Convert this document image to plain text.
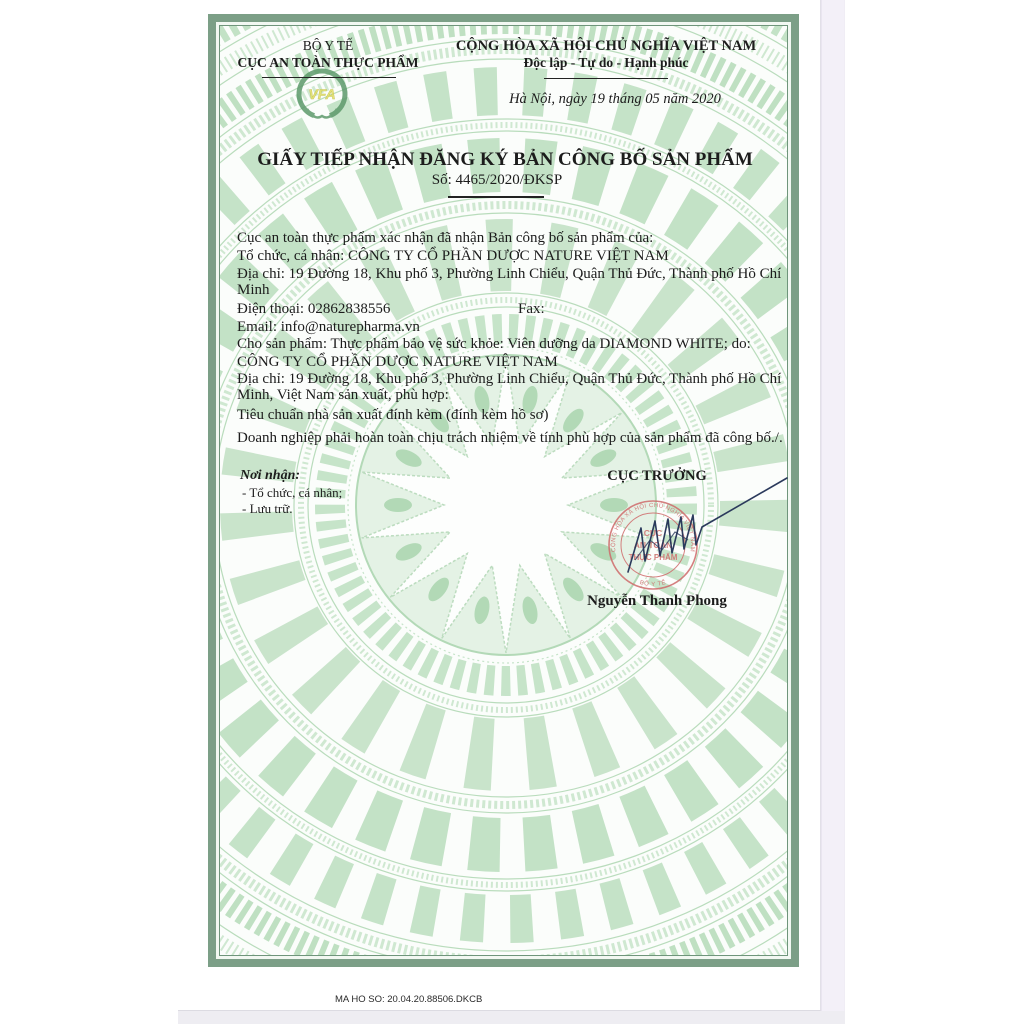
BỘ Y TẾ
VFA
CỤC AN TOÀN THỰC PHẨM
CỘNG HÒA XÃ HỘI CHỦ NGHĨA VIỆT NAM
Độc lập - Tự do - Hạnh phúc
Hà Nội, ngày 19 tháng 05 năm 2020
GIẤY TIẾP NHẬN ĐĂNG KÝ BẢN CÔNG BỐ SẢN PHẨM
Số: 4465/2020/ĐKSP
Cục an toàn thực phẩm xác nhận đã nhận Bản công bố sản phẩm của:
Tổ chức, cá nhân: CÔNG TY CỔ PHẦN DƯỢC NATURE VIỆT NAM
Địa chỉ: 19 Đường 18, Khu phố 3, Phường Linh Chiểu, Quận Thủ Đức, Thành phố Hồ Chí
Minh
Điện thoại: 02862838556	Fax:
Email: info@naturepharma.vn
Cho sản phẩm: Thực phẩm bảo vệ sức khỏe: Viên dưỡng da DIAMOND WHITE; do:
CÔNG TY CỔ PHẦN DƯỢC NATURE VIỆT NAM
Địa chỉ: 19 Đường 18, Khu phố 3, Phường Linh Chiểu, Quận Thủ Đức, Thành phố Hồ Chí
Minh, Việt Nam sản xuất, phù hợp:
Tiêu chuẩn nhà sản xuất đính kèm (đính kèm hồ sơ)
Doanh nghiệp phải hoàn toàn chịu trách nhiệm về tính phù hợp của sản phẩm đã công bố./.
Nơi nhận:
- Tổ chức, cá nhân;
- Lưu trữ.
CỤC TRƯỞNG
CỘNG HÒA XÃ HỘI CHỦ NGHĨA VIỆT NAM
BỘ Y TẾ
CỤC
AN TOÀN
THỰC PHẨM
Nguyễn Thanh Phong
MA HO SO: 20.04.20.88506.DKCB
